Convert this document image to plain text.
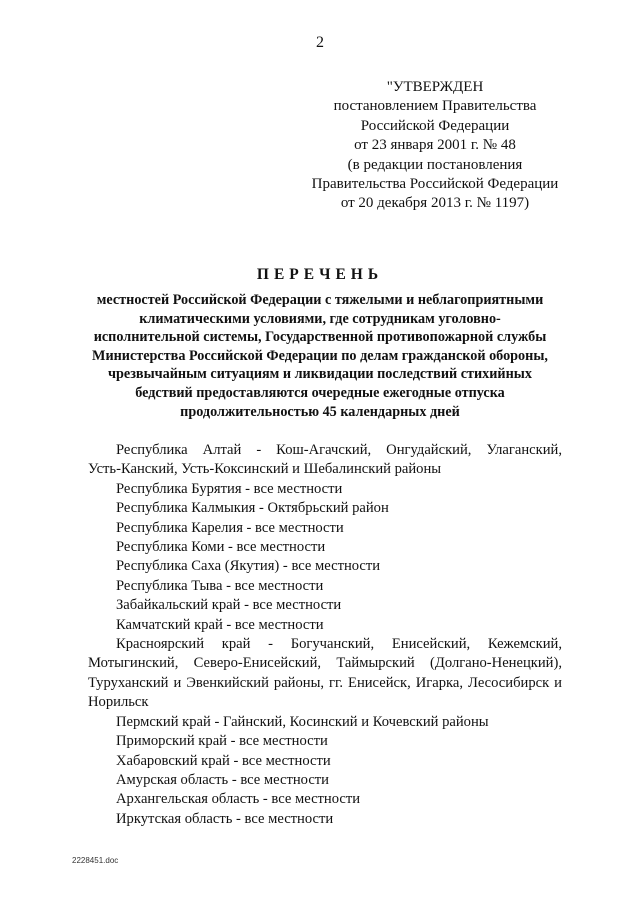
2
"УТВЕРЖДЕН
постановлением Правительства
Российской Федерации
от 23 января 2001 г. № 48
(в редакции постановления
Правительства Российской Федерации
от 20 декабря 2013 г. № 1197)
ПЕРЕЧЕНЬ
местностей Российской Федерации с тяжелыми и неблагоприятными
климатическими условиями, где сотрудникам уголовно-
исполнительной системы, Государственной противопожарной службы
Министерства Российской Федерации по делам гражданской обороны,
чрезвычайным ситуациям и ликвидации последствий стихийных
бедствий предоставляются очередные ежегодные отпуска
продолжительностью 45 календарных дней

Республика Алтай - Кош-Агачский, Онгудайский, Улаганский,
Усть-Канский, Усть-Коксинский и Шебалинский районы

Республика Бурятия - все местности

Республика Калмыкия - Октябрьский район

Республика Карелия - все местности

Республика Коми - все местности

Республика Саха (Якутия) - все местности

Республика Тыва - все местности

Забайкальский край - все местности

Камчатский край - все местности

Красноярский край - Богучанский, Енисейский, Кежемский,
Мотыгинский, Северо-Енисейский, Таймырский (Долгано-Ненецкий),
Туруханский и Эвенкийский районы, гг. Енисейск, Игарка, Лесосибирск и
Норильск

Пермский край - Гайнский, Косинский и Кочевский районы

Приморский край - все местности

Хабаровский край - все местности

Амурская область - все местности

Архангельская область - все местности

Иркутская область - все местности

2228451.doc
